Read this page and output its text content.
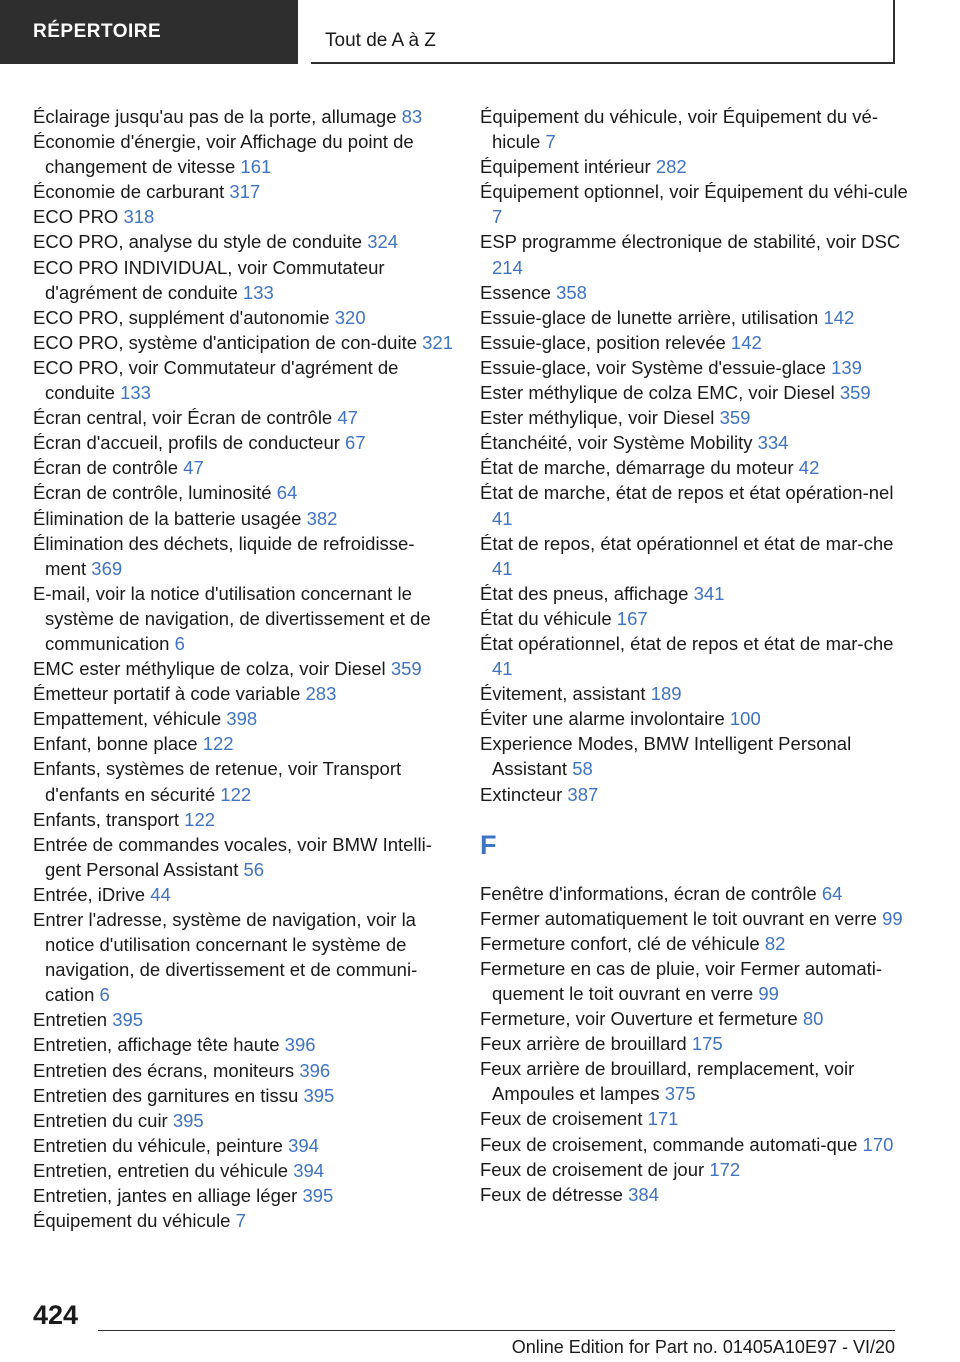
RÉPERTOIRE	Tout de A à Z

Éclairage jusqu'au pas de la porte, allumage 83

Économie d'énergie, voir Affichage du point de changement de vitesse 161

Économie de carburant 317

ECO PRO 318

ECO PRO, analyse du style de conduite 324

ECO PRO INDIVIDUAL, voir Commutateur d'agrément de conduite 133

ECO PRO, supplément d'autonomie 320

ECO PRO, système d'anticipation de con-duite 321

ECO PRO, voir Commutateur d'agrément de conduite 133

Écran central, voir Écran de contrôle 47

Écran d'accueil, profils de conducteur 67

Écran de contrôle 47

Écran de contrôle, luminosité 64

Élimination de la batterie usagée 382

Élimination des déchets, liquide de refroidisse-ment 369

E-mail, voir la notice d'utilisation concernant le système de navigation, de divertissement et de communication 6

EMC ester méthylique de colza, voir Diesel 359

Émetteur portatif à code variable 283

Empattement, véhicule 398

Enfant, bonne place 122

Enfants, systèmes de retenue, voir Transport d'enfants en sécurité 122

Enfants, transport 122

Entrée de commandes vocales, voir BMW Intelli-gent Personal Assistant 56

Entrée, iDrive 44

Entrer l'adresse, système de navigation, voir la notice d'utilisation concernant le système de navigation, de divertissement et de communi-cation 6

Entretien 395

Entretien, affichage tête haute 396

Entretien des écrans, moniteurs 396

Entretien des garnitures en tissu 395

Entretien du cuir 395

Entretien du véhicule, peinture 394

Entretien, entretien du véhicule 394

Entretien, jantes en alliage léger 395

Équipement du véhicule 7

Équipement du véhicule, voir Équipement du vé-hicule 7

Équipement intérieur 282

Équipement optionnel, voir Équipement du véhi-cule 7

ESP programme électronique de stabilité, voir DSC 214

Essence 358

Essuie-glace de lunette arrière, utilisation 142

Essuie-glace, position relevée 142

Essuie-glace, voir Système d'essuie-glace 139

Ester méthylique de colza EMC, voir Diesel 359

Ester méthylique, voir Diesel 359

Étanchéité, voir Système Mobility 334

État de marche, démarrage du moteur 42

État de marche, état de repos et état opération-nel 41

État de repos, état opérationnel et état de mar-che 41

État des pneus, affichage 341

État du véhicule 167

État opérationnel, état de repos et état de mar-che 41

Évitement, assistant 189

Éviter une alarme involontaire 100

Experience Modes, BMW Intelligent Personal Assistant 58

Extincteur 387

F

Fenêtre d'informations, écran de contrôle 64

Fermer automatiquement le toit ouvrant en verre 99

Fermeture confort, clé de véhicule 82

Fermeture en cas de pluie, voir Fermer automati-quement le toit ouvrant en verre 99

Fermeture, voir Ouverture et fermeture 80

Feux arrière de brouillard 175

Feux arrière de brouillard, remplacement, voir Ampoules et lampes 375

Feux de croisement 171

Feux de croisement, commande automati-que 170

Feux de croisement de jour 172

Feux de détresse 384

424
Online Edition for Part no. 01405A10E97 - VI/20
